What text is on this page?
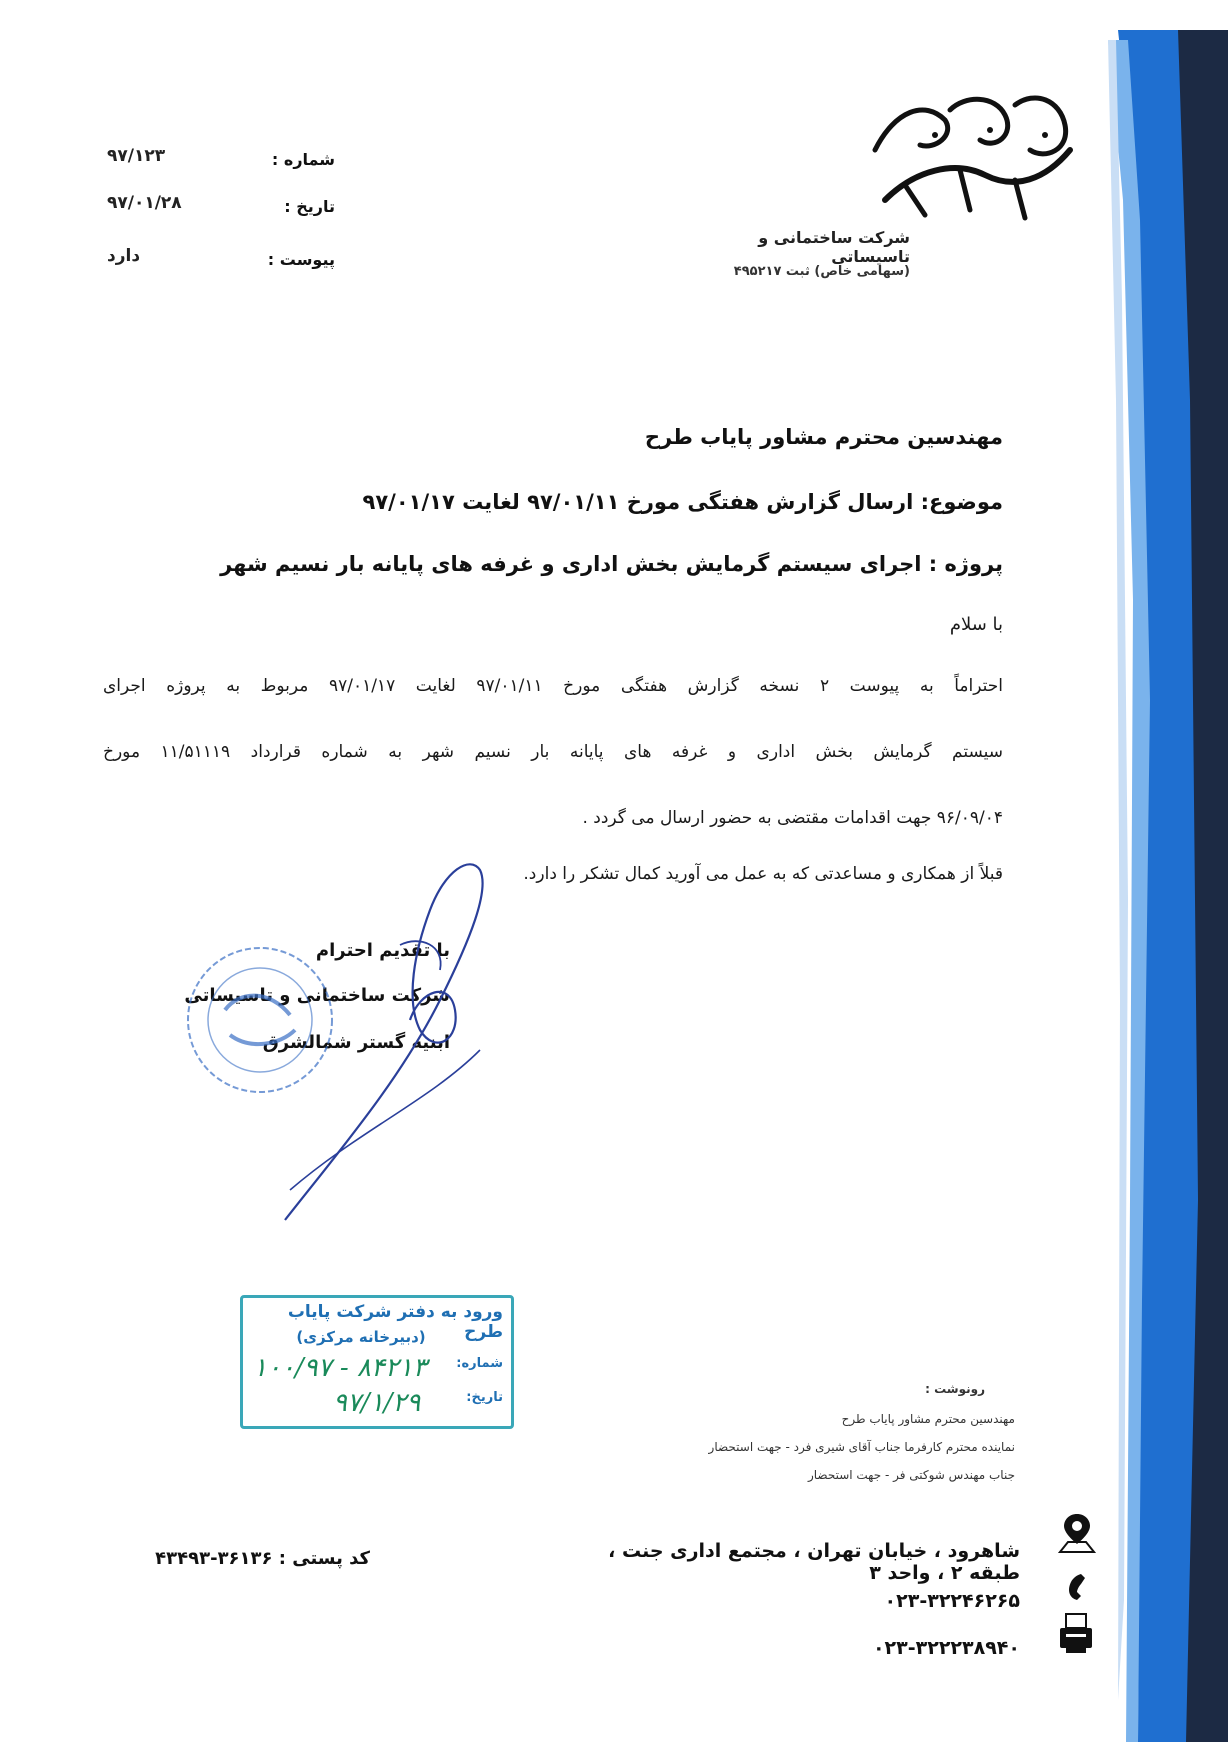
شرکت ساختمانی و تاسیساتی
(سهامی خاص) ثبت ۴۹۵۲۱۷
شماره :
۹۷/۱۲۳
تاریخ :
۹۷/۰۱/۲۸
پیوست :
دارد
مهندسین محترم مشاور پایاب طرح
موضوع: ارسال گزارش هفتگی مورخ ۹۷/۰۱/۱۱ لغایت ۹۷/۰۱/۱۷
پروژه : اجرای سیستم گرمایش بخش اداری و غرفه های پایانه بار نسیم شهر
با سلام
احتراماً به پیوست ۲ نسخه گزارش هفتگی مورخ ۹۷/۰۱/۱۱ لغایت ۹۷/۰۱/۱۷ مربوط به پروژه اجرای
سیستم گرمایش بخش اداری و غرفه های پایانه بار نسیم شهر به شماره قرارداد ۱۱/۵۱۱۱۹ مورخ
۹۶/۰۹/۰۴ جهت اقدامات مقتضی به حضور ارسال می گردد .
قبلاً از همکاری و مساعدتی که به عمل می آورید کمال تشکر را دارد.
با تقدیم احترام
شرکت ساختمانی و تاسیساتی
ابنیه گستر شمالشرق
ورود به دفتر شرکت پایاب طرح
(دبیرخانه مرکزی)
شماره:
۱۰۰/۹۷ - ۸۴۲۱۳
تاریخ:
۹۷/۱/۲۹	رونوشت :
مهندسین محترم مشاور پایاب طرح
نماینده محترم کارفرما جناب آقای شیری فرد - جهت استحضار
جناب مهندس شوکتی فر - جهت استحضار
شاهرود ، خیابان تهران ، مجتمع اداری جنت ، طبقه ۲ ، واحد ۳
کد پستی : ۳۶۱۳۶-۴۳۴۹۳
۰۲۳-۳۲۲۴۶۲۶۵
۰۲۳-۳۲۲۲۳۸۹۴۰
